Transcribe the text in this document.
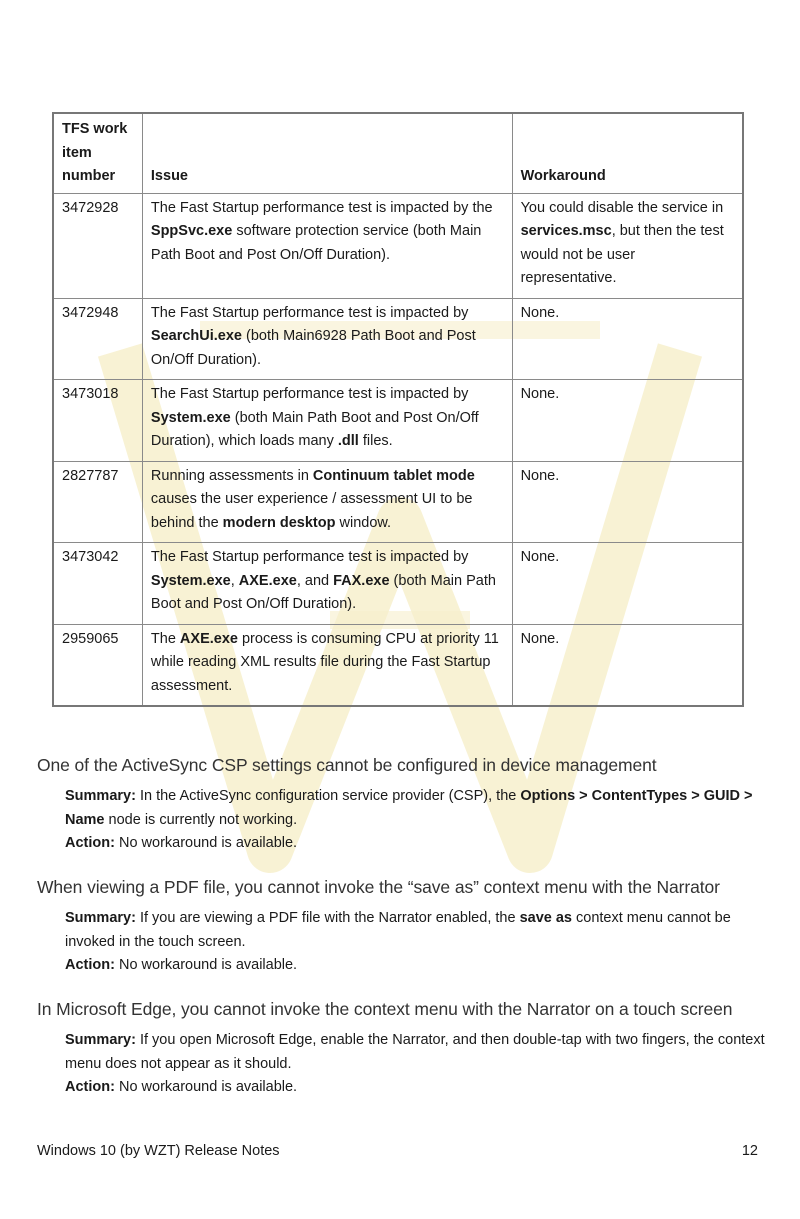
TFS work item number	Issue	Workaround
3472928	The Fast Startup performance test is impacted by the SppSvc.exe software protection service (both Main Path Boot and Post On/Off Duration).	You could disable the service in services.msc, but then the test would not be user representative.
3472948	The Fast Startup performance test is impacted by SearchUi.exe (both Main6928 Path Boot and Post On/Off Duration).	None.
3473018	The Fast Startup performance test is impacted by System.exe (both Main Path Boot and Post On/Off Duration), which loads many .dll files.	None.
2827787	Running assessments in Continuum tablet mode causes the user experience / assessment UI to be behind the modern desktop window.	None.
3473042	The Fast Startup performance test is impacted by System.exe, AXE.exe, and FAX.exe (both Main Path Boot and Post On/Off Duration).	None.
2959065	The AXE.exe process is consuming CPU at priority 11 while reading XML results file during the Fast Startup assessment.	None.
One of the ActiveSync CSP settings cannot be configured in device management
Summary: In the ActiveSync configuration service provider (CSP), the Options > ContentTypes > GUID > Name node is currently not working.
Action: No workaround is available.
When viewing a PDF file, you cannot invoke the “save as” context menu with the Narrator
Summary: If you are viewing a PDF file with the Narrator enabled, the save as context menu cannot be invoked in the touch screen.
Action: No workaround is available.
In Microsoft Edge, you cannot invoke the context menu with the Narrator on a touch screen
Summary: If you open Microsoft Edge, enable the Narrator, and then double-tap with two fingers, the context menu does not appear as it should.
Action: No workaround is available.
Windows 10 (by WZT) Release Notes	12
